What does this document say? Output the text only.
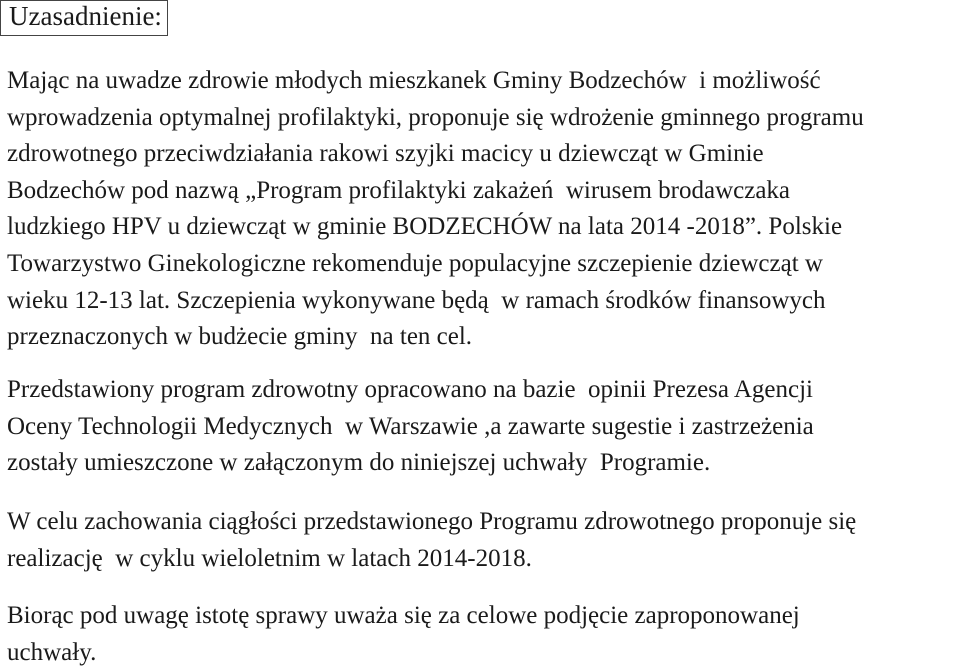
Uzasadnienie:

Mając na uwadze zdrowie młodych mieszkanek Gminy Bodzechów  i możliwość
wprowadzenia optymalnej profilaktyki, proponuje się wdrożenie gminnego programu
zdrowotnego przeciwdziałania rakowi szyjki macicy u dziewcząt w Gminie
Bodzechów pod nazwą „Program profilaktyki zakażeń  wirusem brodawczaka
ludzkiego HPV u dziewcząt w gminie BODZECHÓW na lata 2014 -2018”. Polskie
Towarzystwo Ginekologiczne rekomenduje populacyjne szczepienie dziewcząt w
wieku 12-13 lat. Szczepienia wykonywane będą  w ramach środków finansowych
przeznaczonych w budżecie gminy  na ten cel.

Przedstawiony program zdrowotny opracowano na bazie  opinii Prezesa Agencji
Oceny Technologii Medycznych  w Warszawie ,a zawarte sugestie i zastrzeżenia
zostały umieszczone w załączonym do niniejszej uchwały  Programie.

W celu zachowania ciągłości przedstawionego Programu zdrowotnego proponuje się
realizację  w cyklu wieloletnim w latach 2014-2018.

Biorąc pod uwagę istotę sprawy uważa się za celowe podjęcie zaproponowanej
uchwały.
